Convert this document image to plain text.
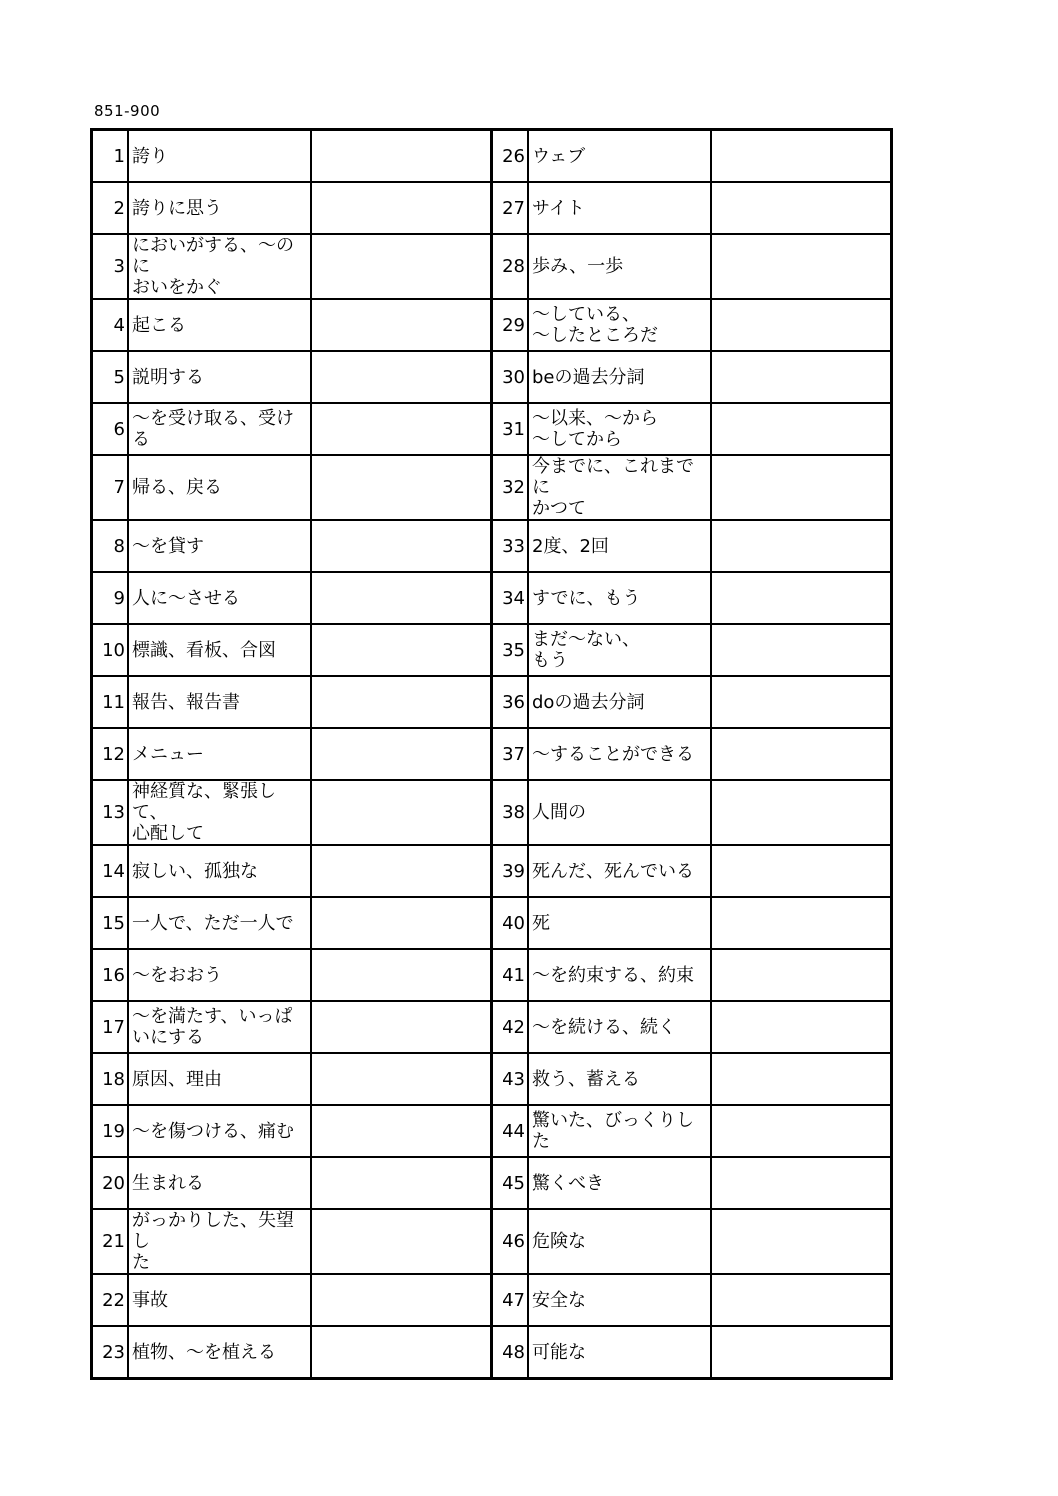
851-900
1	誇り		26	ウェブ	
2	誇りに思う		27	サイト	
3	においがする、～のに
おいをかぐ		28	歩み、一歩	
4	起こる		29	～している、
～したところだ	
5	説明する		30	beの過去分詞	
6	～を受け取る、受け
る		31	～以来、～から
～してから	
7	帰る、戻る		32	今までに、これまでに
かつて	
8	～を貸す		33	2度、2回	
9	人に～させる		34	すでに、もう	
10	標識、看板、合図		35	まだ～ない、
もう	
11	報告、報告書		36	doの過去分詞	
12	メニュー		37	～することができる	
13	神経質な、緊張して、
心配して		38	人間の	
14	寂しい、孤独な		39	死んだ、死んでいる	
15	一人で、ただ一人で		40	死	
16	～をおおう		41	～を約束する、約束	
17	～を満たす、いっぱ
いにする		42	～を続ける、続く	
18	原因、理由		43	救う、蓄える	
19	～を傷つける、痛む		44	驚いた、びっくりした	
20	生まれる		45	驚くべき	
21	がっかりした、失望し
た		46	危険な	
22	事故		47	安全な	
23	植物、～を植える		48	可能な	
